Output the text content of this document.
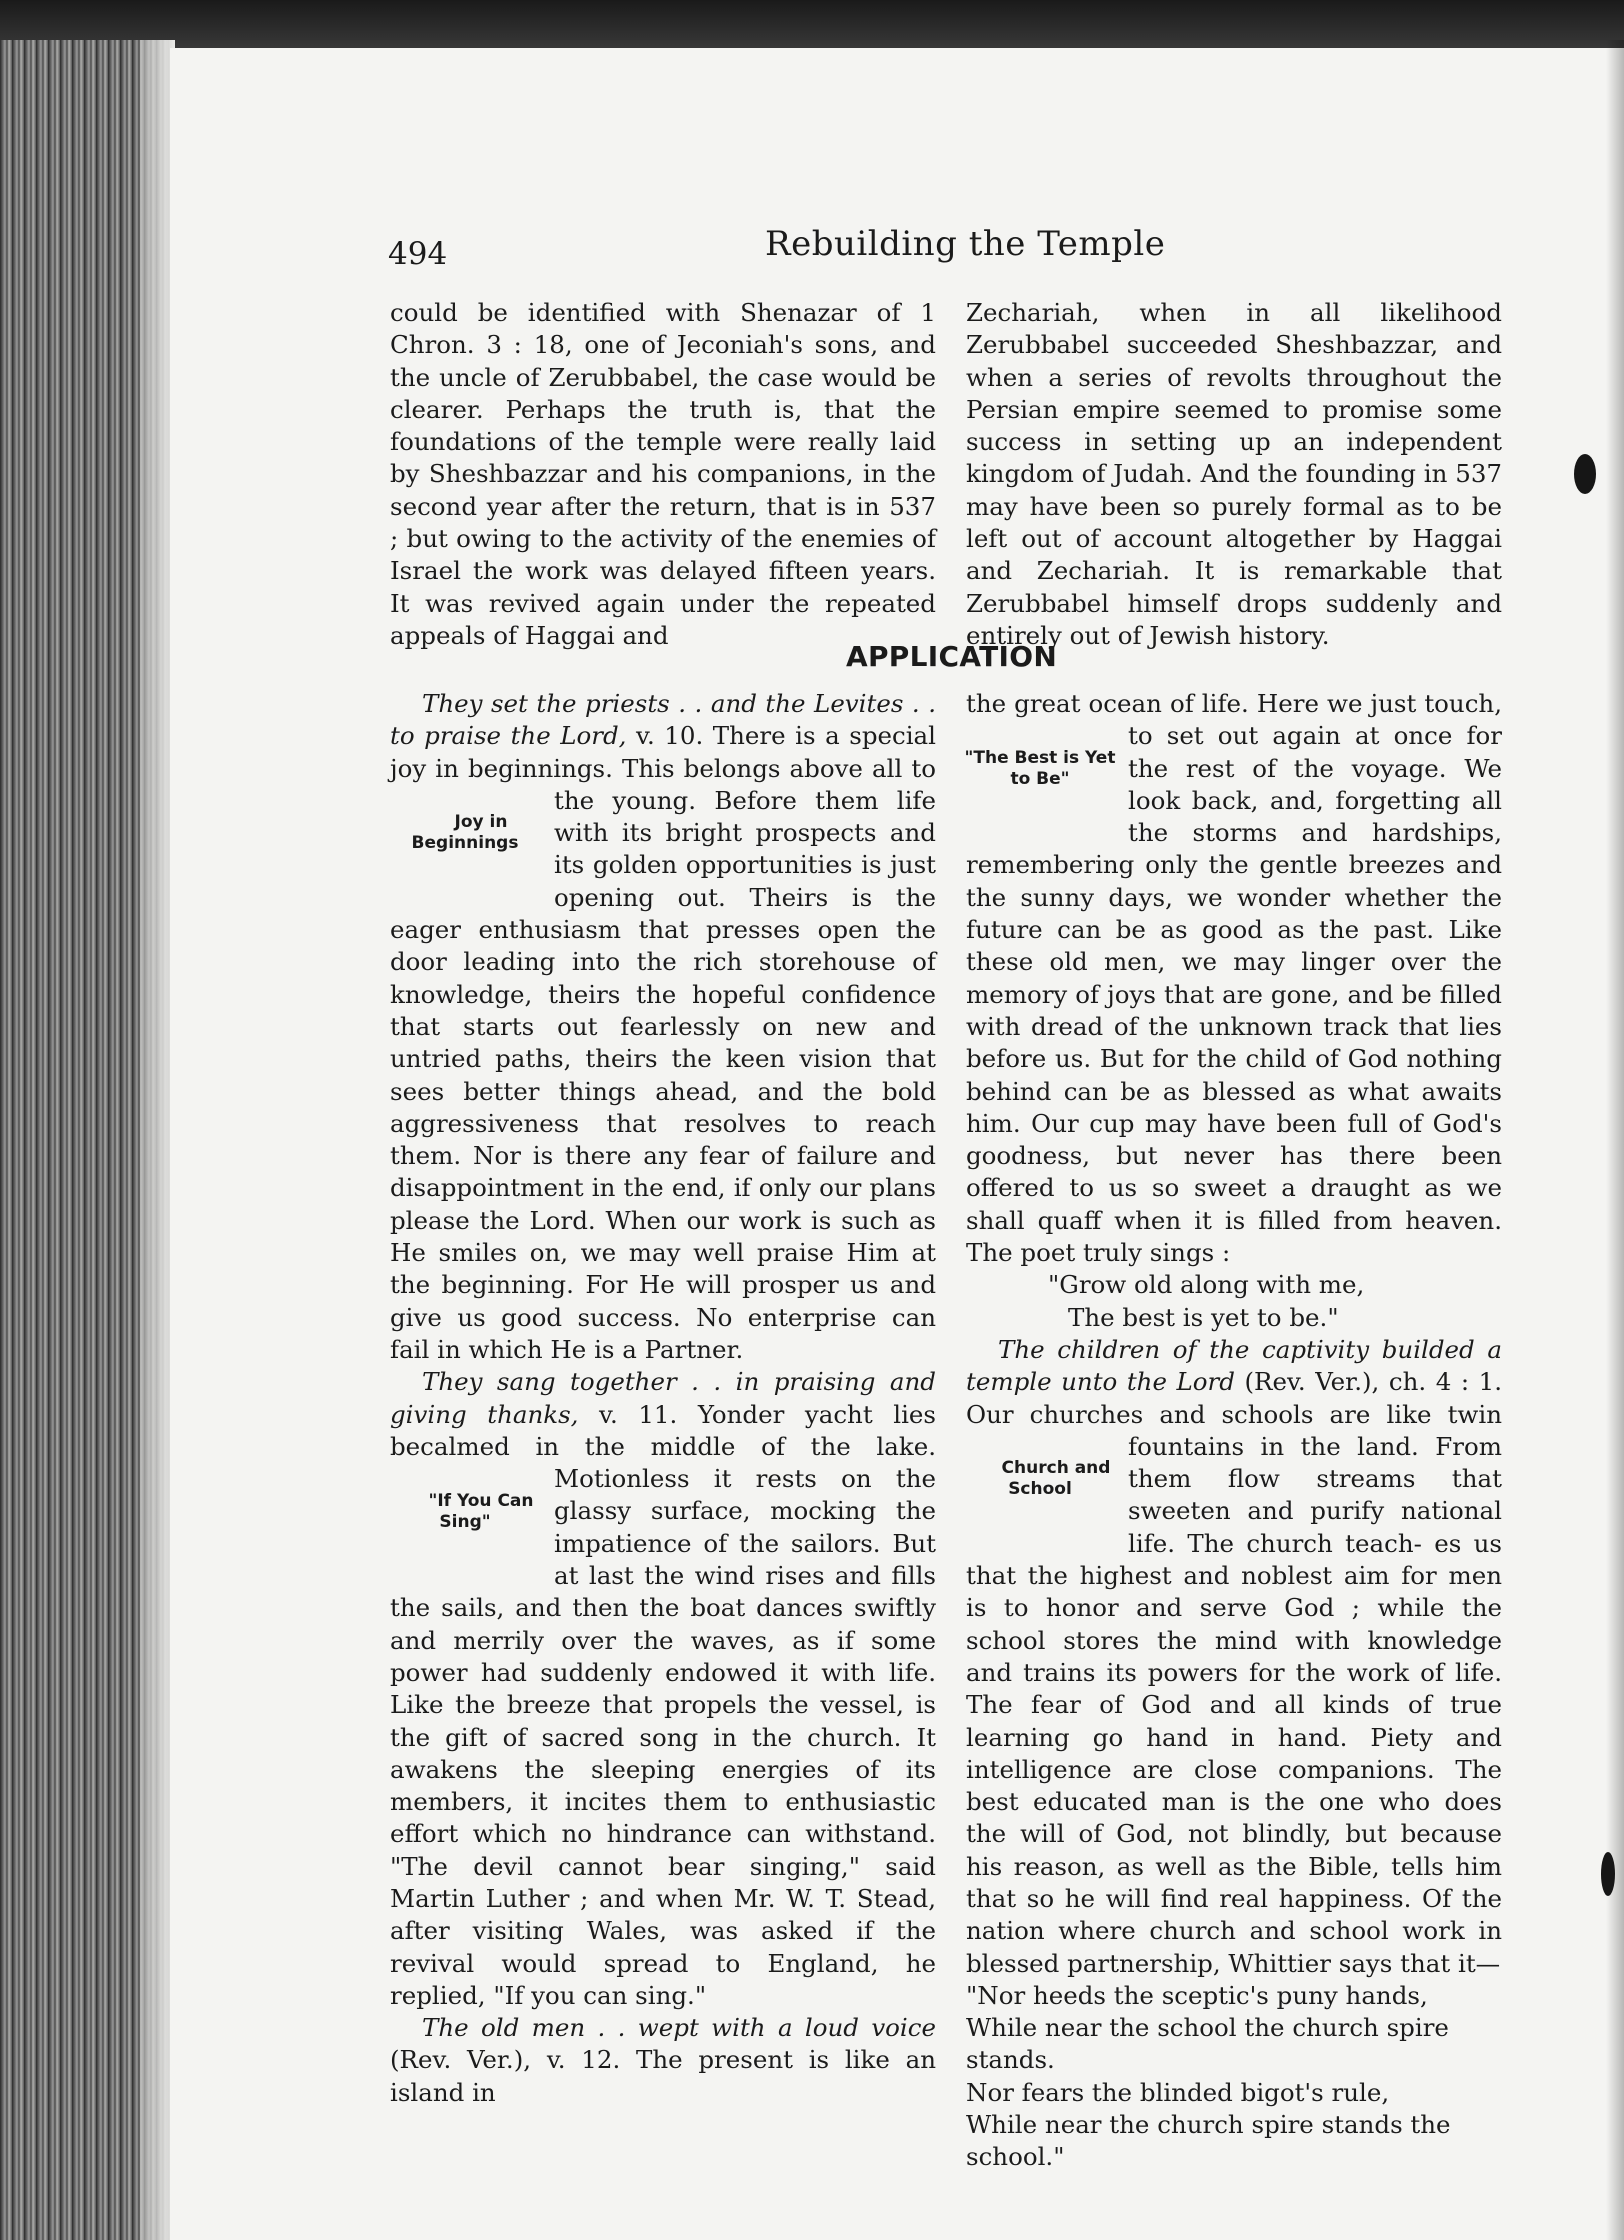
494	Rebuilding the Temple

could be identified with Shenazar of 1 Chron. 3 : 18, one of Jeconiah's sons, and the uncle of Zerubbabel, the case would be clearer. Perhaps the truth is, that the foundations of the temple were really laid by Sheshbazzar and his companions, in the second year after the return, that is in 537 ; but owing to the activity of the enemies of Israel the work was delayed fifteen years. It was revived again under the repeated appeals of Haggai and

Zechariah, when in all likelihood Zerubbabel succeeded Sheshbazzar, and when a series of revolts throughout the Persian empire seemed to promise some success in setting up an independent kingdom of Judah. And the founding in 537 may have been so purely formal as to be left out of account altogether by Haggai and Zechariah. It is remarkable that Zerubbabel himself drops suddenly and entirely out of Jewish history.

APPLICATION

They set the priests . . and the Levites . . to praise the Lord, v. 10. There is a special joy in beginnings. This belongs above all to the young.
Joy in Beginnings
Before them life with its bright prospects and its golden opportunities is just opening out. Theirs is the eager enthusiasm that presses open the door leading into the rich storehouse of knowledge, theirs the hopeful confidence that starts out fearlessly on new and untried paths, theirs the keen vision that sees better things ahead, and the bold aggressiveness that resolves to reach them. Nor is there any fear of failure and disappointment in the end, if only our plans please the Lord. When our work is such as He smiles on, we may well praise Him at the beginning. For He will prosper us and give us good success. No enterprise can fail in which He is a Partner.

They sang together . . in praising and giving thanks, v. 11. Yonder yacht lies becalmed in the middle of the lake. Motionless it rests
"If You Can Sing"
on the glassy surface, mocking the impatience of the sailors. But at last the wind rises and fills the sails, and then the boat dances swiftly and merrily over the waves, as if some power had suddenly endowed it with life. Like the breeze that propels the vessel, is the gift of sacred song in the church. It awakens the sleeping energies of its members, it incites them to enthusiastic effort which no hindrance can withstand. "The devil cannot bear singing," said Martin Luther ; and when Mr. W. T. Stead, after visiting Wales, was asked if the revival would spread to England, he replied, "If you can sing."

The old men . . wept with a loud voice (Rev. Ver.), v. 12. The present is like an island in

the great ocean of life. Here we just touch,
"The Best is Yet to Be"
to set out again at once for the rest of the voyage. We look back, and, forgetting all the storms and hardships, remembering only the gentle breezes and the sunny days, we wonder whether the future can be as good as the past. Like these old men, we may linger over the memory of joys that are gone, and be filled with dread of the unknown track that lies before us. But for the child of God nothing behind can be as blessed as what awaits him. Our cup may have been full of God's goodness, but never has there been offered to us so sweet a draught as we shall quaff when it is filled from heaven. The poet truly sings :

"Grow old along with me,

The best is yet to be."

The children of the captivity builded a temple unto the Lord (Rev. Ver.), ch. 4 : 1. Our churches and schools are like twin fountains
Church and School
in the land. From them flow streams that sweeten and purify national life. The church teach- es us that the highest and noblest aim for men is to honor and serve God ; while the school stores the mind with knowledge and trains its powers for the work of life. The fear of God and all kinds of true learning go hand in hand. Piety and intelligence are close companions. The best educated man is the one who does the will of God, not blindly, but because his reason, as well as the Bible, tells him that so he will find real happiness. Of the nation where church and school work in blessed partnership, Whittier says that it—

"Nor heeds the sceptic's puny hands,

While near the school the church spire stands.

Nor fears the blinded bigot's rule,

While near the church spire stands the school."
